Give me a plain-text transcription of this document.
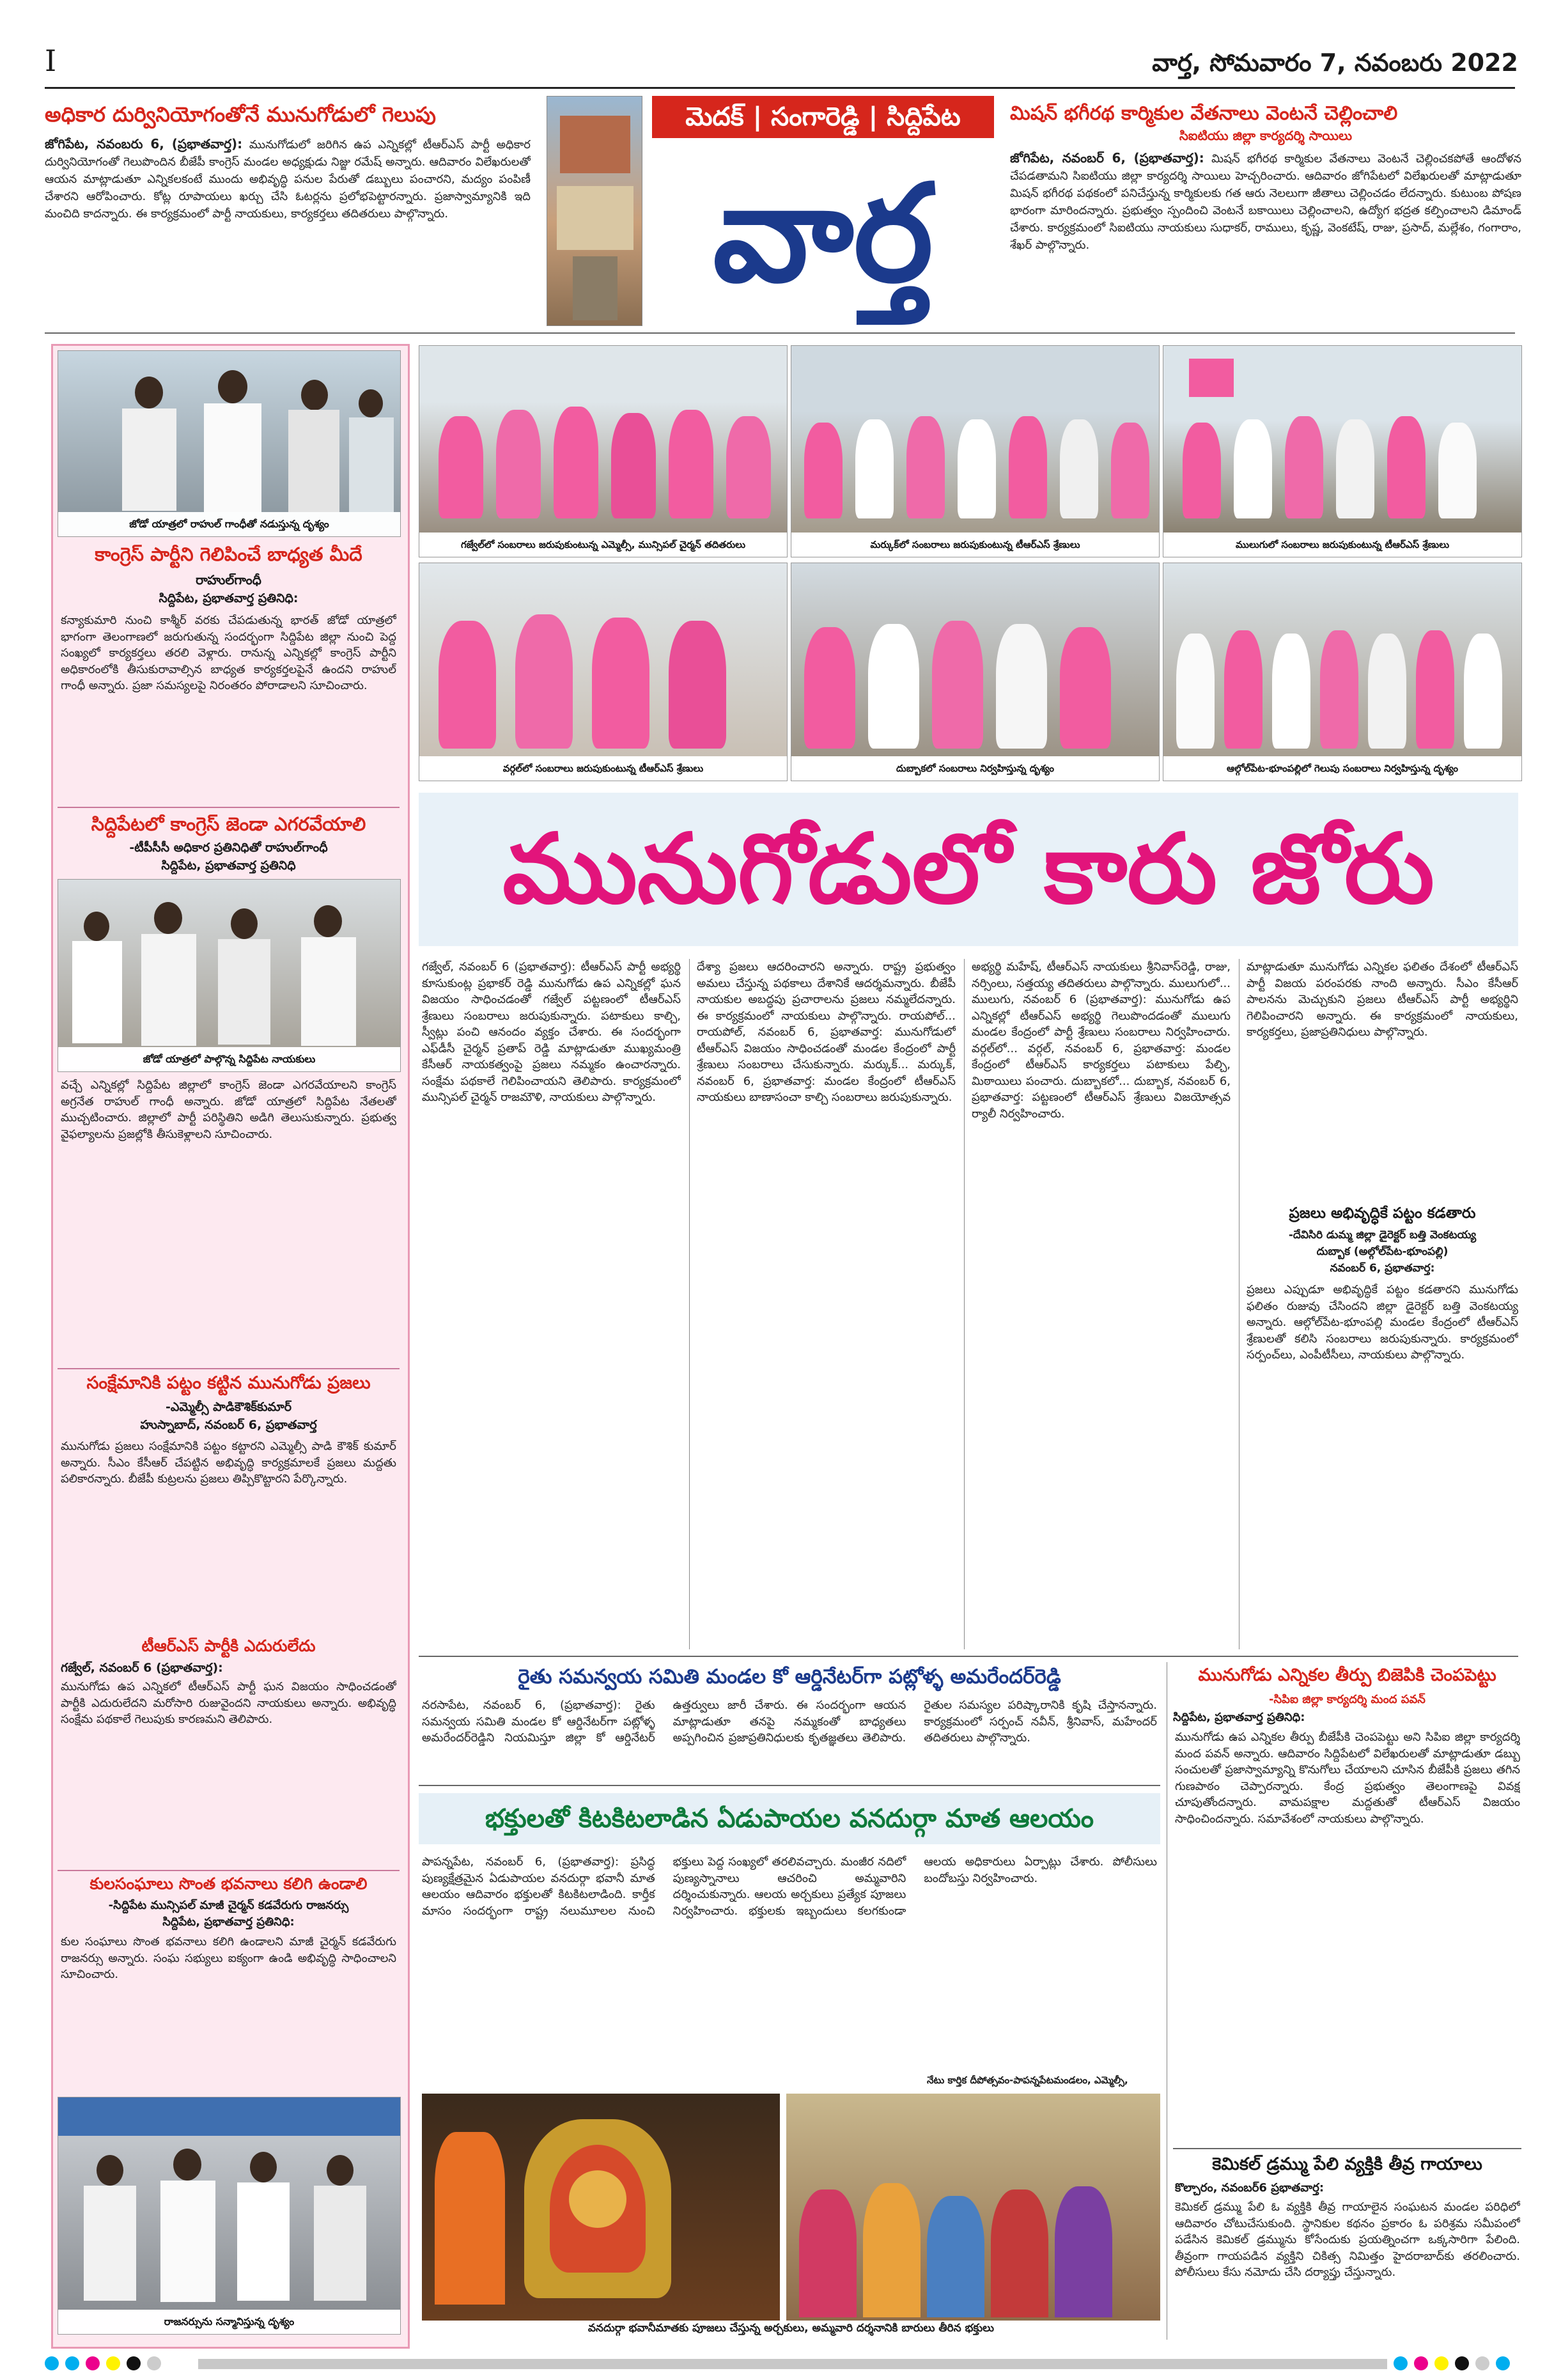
I	వార్త, సోమవారం 7, నవంబరు 2022
అధికార దుర్వినియోగంతోనే మునుగోడులో గెలుపు
జోగిపేట, నవంబరు 6, (ప్రభాతవార్త): మునుగోడులో జరిగిన ఉప ఎన్నికల్లో టీఆర్ఎస్ పార్టీ అధికార దుర్వినియోగంతో గెలుపొందిన బీజేపీ కాంగ్రెస్ మండల అధ్యక్షుడు నిజ్జు రమేష్ అన్నారు. ఆదివారం విలేఖరులతో ఆయన మాట్లాడుతూ ఎన్నికలకంటే ముందు అభివృద్ధి పనుల పేరుతో డబ్బులు పంచారని, మద్యం పంపిణీ చేశారని ఆరోపించారు. కోట్ల రూపాయలు ఖర్చు చేసి ఓటర్లను ప్రలోభపెట్టారన్నారు. ప్రజాస్వామ్యానికి ఇది మంచిది కాదన్నారు. ఈ కార్యక్రమంలో పార్టీ నాయకులు, కార్యకర్తలు తదితరులు పాల్గొన్నారు.
మెదక్ | సంగారెడ్డి | సిద్దిపేట
వార్త
మిషన్ భగీరథ కార్మికుల వేతనాలు వెంటనే చెల్లించాలి
సిఐటియు జిల్లా కార్యదర్శి సాయిలు
జోగిపేట, నవంబర్ 6, (ప్రభాతవార్త): మిషన్ భగీరథ కార్మికుల వేతనాలు వెంటనే చెల్లించకపోతే ఆందోళన చేపడతామని సిఐటియు జిల్లా కార్యదర్శి సాయిలు హెచ్చరించారు. ఆదివారం జోగిపేటలో విలేఖరులతో మాట్లాడుతూ మిషన్ భగీరథ పథకంలో పనిచేస్తున్న కార్మికులకు గత ఆరు నెలలుగా జీతాలు చెల్లించడం లేదన్నారు. కుటుంబ పోషణ భారంగా మారిందన్నారు. ప్రభుత్వం స్పందించి వెంటనే బకాయిలు చెల్లించాలని, ఉద్యోగ భద్రత కల్పించాలని డిమాండ్ చేశారు. కార్యక్రమంలో సిఐటియు నాయకులు సుధాకర్, రాములు, కృష్ణ, వెంకటేష్, రాజు, ప్రసాద్, మల్లేశం, గంగారాం, శేఖర్ పాల్గొన్నారు.
జోడో యాత్రలో రాహుల్ గాంధీతో నడుస్తున్న దృశ్యం
కాంగ్రెస్ పార్టీని గెలిపించే బాధ్యత మీదే
రాహుల్‌గాంధీ
సిద్దిపేట, ప్రభాతవార్త ప్రతినిధి:
కన్యాకుమారి నుంచి కాశ్మీర్ వరకు చేపడుతున్న భారత్ జోడో యాత్రలో భాగంగా తెలంగాణలో జరుగుతున్న సందర్భంగా సిద్దిపేట జిల్లా నుంచి పెద్ద సంఖ్యలో కార్యకర్తలు తరలి వెళ్లారు. రానున్న ఎన్నికల్లో కాంగ్రెస్ పార్టీని అధికారంలోకి తీసుకురావాల్సిన బాధ్యత కార్యకర్తలపైనే ఉందని రాహుల్ గాంధీ అన్నారు. ప్రజా సమస్యలపై నిరంతరం పోరాడాలని సూచించారు.
సిద్దిపేటలో కాంగ్రెస్ జెండా ఎగరవేయాలి
-టీపీసీసీ అధికార ప్రతినిధితో రాహుల్‌గాంధీ
సిద్దిపేట, ప్రభాతవార్త ప్రతినిధి
జోడో యాత్రలో పాల్గొన్న సిద్దిపేట నాయకులు
వచ్చే ఎన్నికల్లో సిద్దిపేట జిల్లాలో కాంగ్రెస్ జెండా ఎగరవేయాలని కాంగ్రెస్ అగ్రనేత రాహుల్ గాంధీ అన్నారు. జోడో యాత్రలో సిద్దిపేట నేతలతో ముచ్చటించారు. జిల్లాలో పార్టీ పరిస్థితిని అడిగి తెలుసుకున్నారు. ప్రభుత్వ వైఫల్యాలను ప్రజల్లోకి తీసుకెళ్లాలని సూచించారు.
సంక్షేమానికి పట్టం కట్టిన మునుగోడు ప్రజలు
-ఎమ్మెల్సీ పాడికౌశిక్‌కుమార్
హుస్నాబాద్, నవంబర్ 6, ప్రభాతవార్త
మునుగోడు ప్రజలు సంక్షేమానికి పట్టం కట్టారని ఎమ్మెల్సీ పాడి కౌశిక్ కుమార్ అన్నారు. సీఎం కేసీఆర్ చేపట్టిన అభివృద్ధి కార్యక్రమాలకే ప్రజలు మద్దతు పలికారన్నారు. బీజేపీ కుట్రలను ప్రజలు తిప్పికొట్టారని పేర్కొన్నారు.
టీఆర్ఎస్ పార్టీకి ఎదురులేదు
గజ్వేల్, నవంబర్ 6 (ప్రభాతవార్త):
మునుగోడు ఉప ఎన్నికలో టీఆర్ఎస్ పార్టీ ఘన విజయం సాధించడంతో పార్టీకి ఎదురులేదని మరోసారి రుజువైందని నాయకులు అన్నారు. అభివృద్ధి సంక్షేమ పథకాలే గెలుపుకు కారణమని తెలిపారు.
కులసంఘాలు సొంత భవనాలు కలిగి ఉండాలి
-సిద్దిపేట మున్సిపల్ మాజీ చైర్మన్ కడవేరుగు రాజనర్సు
సిద్దిపేట, ప్రభాతవార్త ప్రతినిధి:
కుల సంఘాలు సొంత భవనాలు కలిగి ఉండాలని మాజీ చైర్మన్ కడవేరుగు రాజనర్సు అన్నారు. సంఘ సభ్యులు ఐక్యంగా ఉండి అభివృద్ధి సాధించాలని సూచించారు.
రాజనర్సును సన్మానిస్తున్న దృశ్యం
గజ్వేల్‌లో సంబరాలు జరుపుకుంటున్న ఎమ్మెల్సీ, మున్సిపల్ చైర్మన్ తదితరులు	మర్కుక్‌లో సంబరాలు జరుపుకుంటున్న టీఆర్ఎస్ శ్రేణులు	ములుగులో సంబరాలు జరుపుకుంటున్న టీఆర్ఎస్ శ్రేణులు
వర్గల్‌లో సంబరాలు జరుపుకుంటున్న టీఆర్ఎస్ శ్రేణులు	దుబ్బాకలో సంబరాలు నిర్వహిస్తున్న దృశ్యం	ఆల్గోల్‌పేట-భూంపల్లిలో గెలుపు సంబరాలు నిర్వహిస్తున్న దృశ్యం
మునుగోడులో కారు జోరు
గజ్వేల్, నవంబర్ 6 (ప్రభాతవార్త): టీఆర్ఎస్ పార్టీ అభ్యర్థి కూసుకుంట్ల ప్రభాకర్ రెడ్డి మునుగోడు ఉప ఎన్నికల్లో ఘన విజయం సాధించడంతో గజ్వేల్ పట్టణంలో టీఆర్ఎస్ శ్రేణులు సంబరాలు జరుపుకున్నారు. పటాకులు కాల్చి, స్వీట్లు పంచి ఆనందం వ్యక్తం చేశారు. ఈ సందర్భంగా ఎఫ్‌డీసీ చైర్మన్ ప్రతాప్ రెడ్డి మాట్లాడుతూ ముఖ్యమంత్రి కేసీఆర్ నాయకత్వంపై ప్రజలు నమ్మకం ఉంచారన్నారు. సంక్షేమ పథకాలే గెలిపించాయని తెలిపారు. కార్యక్రమంలో మున్సిపల్ చైర్మన్ రాజమౌళి, నాయకులు పాల్గొన్నారు.
దేశ్యా ప్రజలు ఆదరించారని అన్నారు. రాష్ట్ర ప్రభుత్వం అమలు చేస్తున్న పథకాలు దేశానికే ఆదర్శమన్నారు. బీజేపీ నాయకుల అబద్ధపు ప్రచారాలను ప్రజలు నమ్మలేదన్నారు. ఈ కార్యక్రమంలో నాయకులు పాల్గొన్నారు. రాయపోల్... రాయపోల్, నవంబర్ 6, ప్రభాతవార్త: మునుగోడులో టీఆర్ఎస్ విజయం సాధించడంతో మండల కేంద్రంలో పార్టీ శ్రేణులు సంబరాలు చేసుకున్నారు. మర్కుక్... మర్కుక్, నవంబర్ 6, ప్రభాతవార్త: మండల కేంద్రంలో టీఆర్ఎస్ నాయకులు బాణాసంచా కాల్చి సంబరాలు జరుపుకున్నారు.
అభ్యర్థి మహేష్, టీఆర్ఎస్ నాయకులు శ్రీనివాస్‌రెడ్డి, రాజు, నర్సింలు, సత్తయ్య తదితరులు పాల్గొన్నారు. ములుగులో... ములుగు, నవంబర్ 6 (ప్రభాతవార్త): మునుగోడు ఉప ఎన్నికల్లో టీఆర్ఎస్ అభ్యర్థి గెలుపొందడంతో ములుగు మండల కేంద్రంలో పార్టీ శ్రేణులు సంబరాలు నిర్వహించారు. వర్గల్‌లో... వర్గల్, నవంబర్ 6, ప్రభాతవార్త: మండల కేంద్రంలో టీఆర్ఎస్ కార్యకర్తలు పటాకులు పేల్చి, మిఠాయిలు పంచారు. దుబ్బాకలో... దుబ్బాక, నవంబర్ 6, ప్రభాతవార్త: పట్టణంలో టీఆర్ఎస్ శ్రేణులు విజయోత్సవ ర్యాలీ నిర్వహించారు.
మాట్లాడుతూ మునుగోడు ఎన్నికల ఫలితం దేశంలో టీఆర్ఎస్ పార్టీ విజయ పరంపరకు నాంది అన్నారు. సీఎం కేసీఆర్ పాలనను మెచ్చుకుని ప్రజలు టీఆర్ఎస్ పార్టీ అభ్యర్థిని గెలిపించారని అన్నారు. ఈ కార్యక్రమంలో నాయకులు, కార్యకర్తలు, ప్రజాప్రతినిధులు పాల్గొన్నారు.
ప్రజలు అభివృద్ధికే పట్టం కడతారు
-దేవిసిరి డుమ్మ జిల్లా డైరెక్టర్ బత్తి వెంకటయ్య
దుబ్బాక (అల్గోల్‌పేట-భూంపల్లి)
నవంబర్ 6, ప్రభాతవార్త:
ప్రజలు ఎప్పుడూ అభివృద్ధికే పట్టం కడతారని మునుగోడు ఫలితం రుజువు చేసిందని జిల్లా డైరెక్టర్ బత్తి వెంకటయ్య అన్నారు. ఆల్గోల్‌పేట-భూంపల్లి మండల కేంద్రంలో టీఆర్ఎస్ శ్రేణులతో కలిసి సంబరాలు జరుపుకున్నారు. కార్యక్రమంలో సర్పంచ్‌లు, ఎంపీటీసీలు, నాయకులు పాల్గొన్నారు.
రైతు సమన్వయ సమితి మండల కో ఆర్డినేటర్‌గా పట్లోళ్ళ అమరేందర్‌రెడ్డి
నరసాపేట, నవంబర్ 6, (ప్రభాతవార్త): రైతు సమన్వయ సమితి మండల కో ఆర్డినేటర్‌గా పట్లోళ్ళ అమరేందర్‌రెడ్డిని నియమిస్తూ జిల్లా కో ఆర్డినేటర్ ఉత్తర్వులు జారీ చేశారు. ఈ సందర్భంగా ఆయన మాట్లాడుతూ తనపై నమ్మకంతో బాధ్యతలు అప్పగించిన ప్రజాప్రతినిధులకు కృతజ్ఞతలు తెలిపారు. రైతుల సమస్యల పరిష్కారానికి కృషి చేస్తానన్నారు. కార్యక్రమంలో సర్పంచ్ నవీన్, శ్రీనివాస్, మహేందర్ తదితరులు పాల్గొన్నారు.
భక్తులతో కిటకిటలాడిన ఏడుపాయల వనదుర్గా మాత ఆలయం
పాపన్నపేట, నవంబర్ 6, (ప్రభాతవార్త): ప్రసిద్ధ పుణ్యక్షేత్రమైన ఏడుపాయల వనదుర్గా భవానీ మాత ఆలయం ఆదివారం భక్తులతో కిటకిటలాడింది. కార్తీక మాసం సందర్భంగా రాష్ట్ర నలుమూలల నుంచి భక్తులు పెద్ద సంఖ్యలో తరలివచ్చారు. మంజీర నదిలో పుణ్యస్నానాలు ఆచరించి అమ్మవారిని దర్శించుకున్నారు. ఆలయ అర్చకులు ప్రత్యేక పూజలు నిర్వహించారు. భక్తులకు ఇబ్బందులు కలగకుండా ఆలయ అధికారులు ఏర్పాట్లు చేశారు. పోలీసులు బందోబస్తు నిర్వహించారు.
నేటు కార్తిక దీపోత్సవం-పాపన్నపేటమండలం, ఎమ్మెల్సీ,
వనదుర్గా భవానీమాతకు పూజలు చేస్తున్న అర్చకులు, అమ్మవారి దర్శనానికి బారులు తీరిన భక్తులు
మునుగోడు ఎన్నికల తీర్పు బిజెపికి చెంపపెట్టు
-సిపిఐ జిల్లా కార్యదర్శి మంద పవన్
సిద్దిపేట, ప్రభాతవార్త ప్రతినిధి:
మునుగోడు ఉప ఎన్నికల తీర్పు బీజేపీకి చెంపపెట్టు అని సిపిఐ జిల్లా కార్యదర్శి మంద పవన్ అన్నారు. ఆదివారం సిద్దిపేటలో విలేఖరులతో మాట్లాడుతూ డబ్బు సంచులతో ప్రజాస్వామ్యాన్ని కొనుగోలు చేయాలని చూసిన బీజేపీకి ప్రజలు తగిన గుణపాఠం చెప్పారన్నారు. కేంద్ర ప్రభుత్వం తెలంగాణపై వివక్ష చూపుతోందన్నారు. వామపక్షాల మద్దతుతో టీఆర్ఎస్ విజయం సాధించిందన్నారు. సమావేశంలో నాయకులు పాల్గొన్నారు.
కెమికల్ డ్రమ్ము పేలి వ్యక్తికి తీవ్ర గాయాలు
కొల్చారం, నవంబర్6 ప్రభాతవార్త:
కెమికల్ డ్రమ్ము పేలి ఓ వ్యక్తికి తీవ్ర గాయాలైన సంఘటన మండల పరిధిలో ఆదివారం చోటుచేసుకుంది. స్థానికుల కథనం ప్రకారం ఓ పరిశ్రమ సమీపంలో పడేసిన కెమికల్ డ్రమ్మును కోసేందుకు ప్రయత్నించగా ఒక్కసారిగా పేలింది. తీవ్రంగా గాయపడిన వ్యక్తిని చికిత్స నిమిత్తం హైదరాబాద్‌కు తరలించారు. పోలీసులు కేసు నమోదు చేసి దర్యాప్తు చేస్తున్నారు.
